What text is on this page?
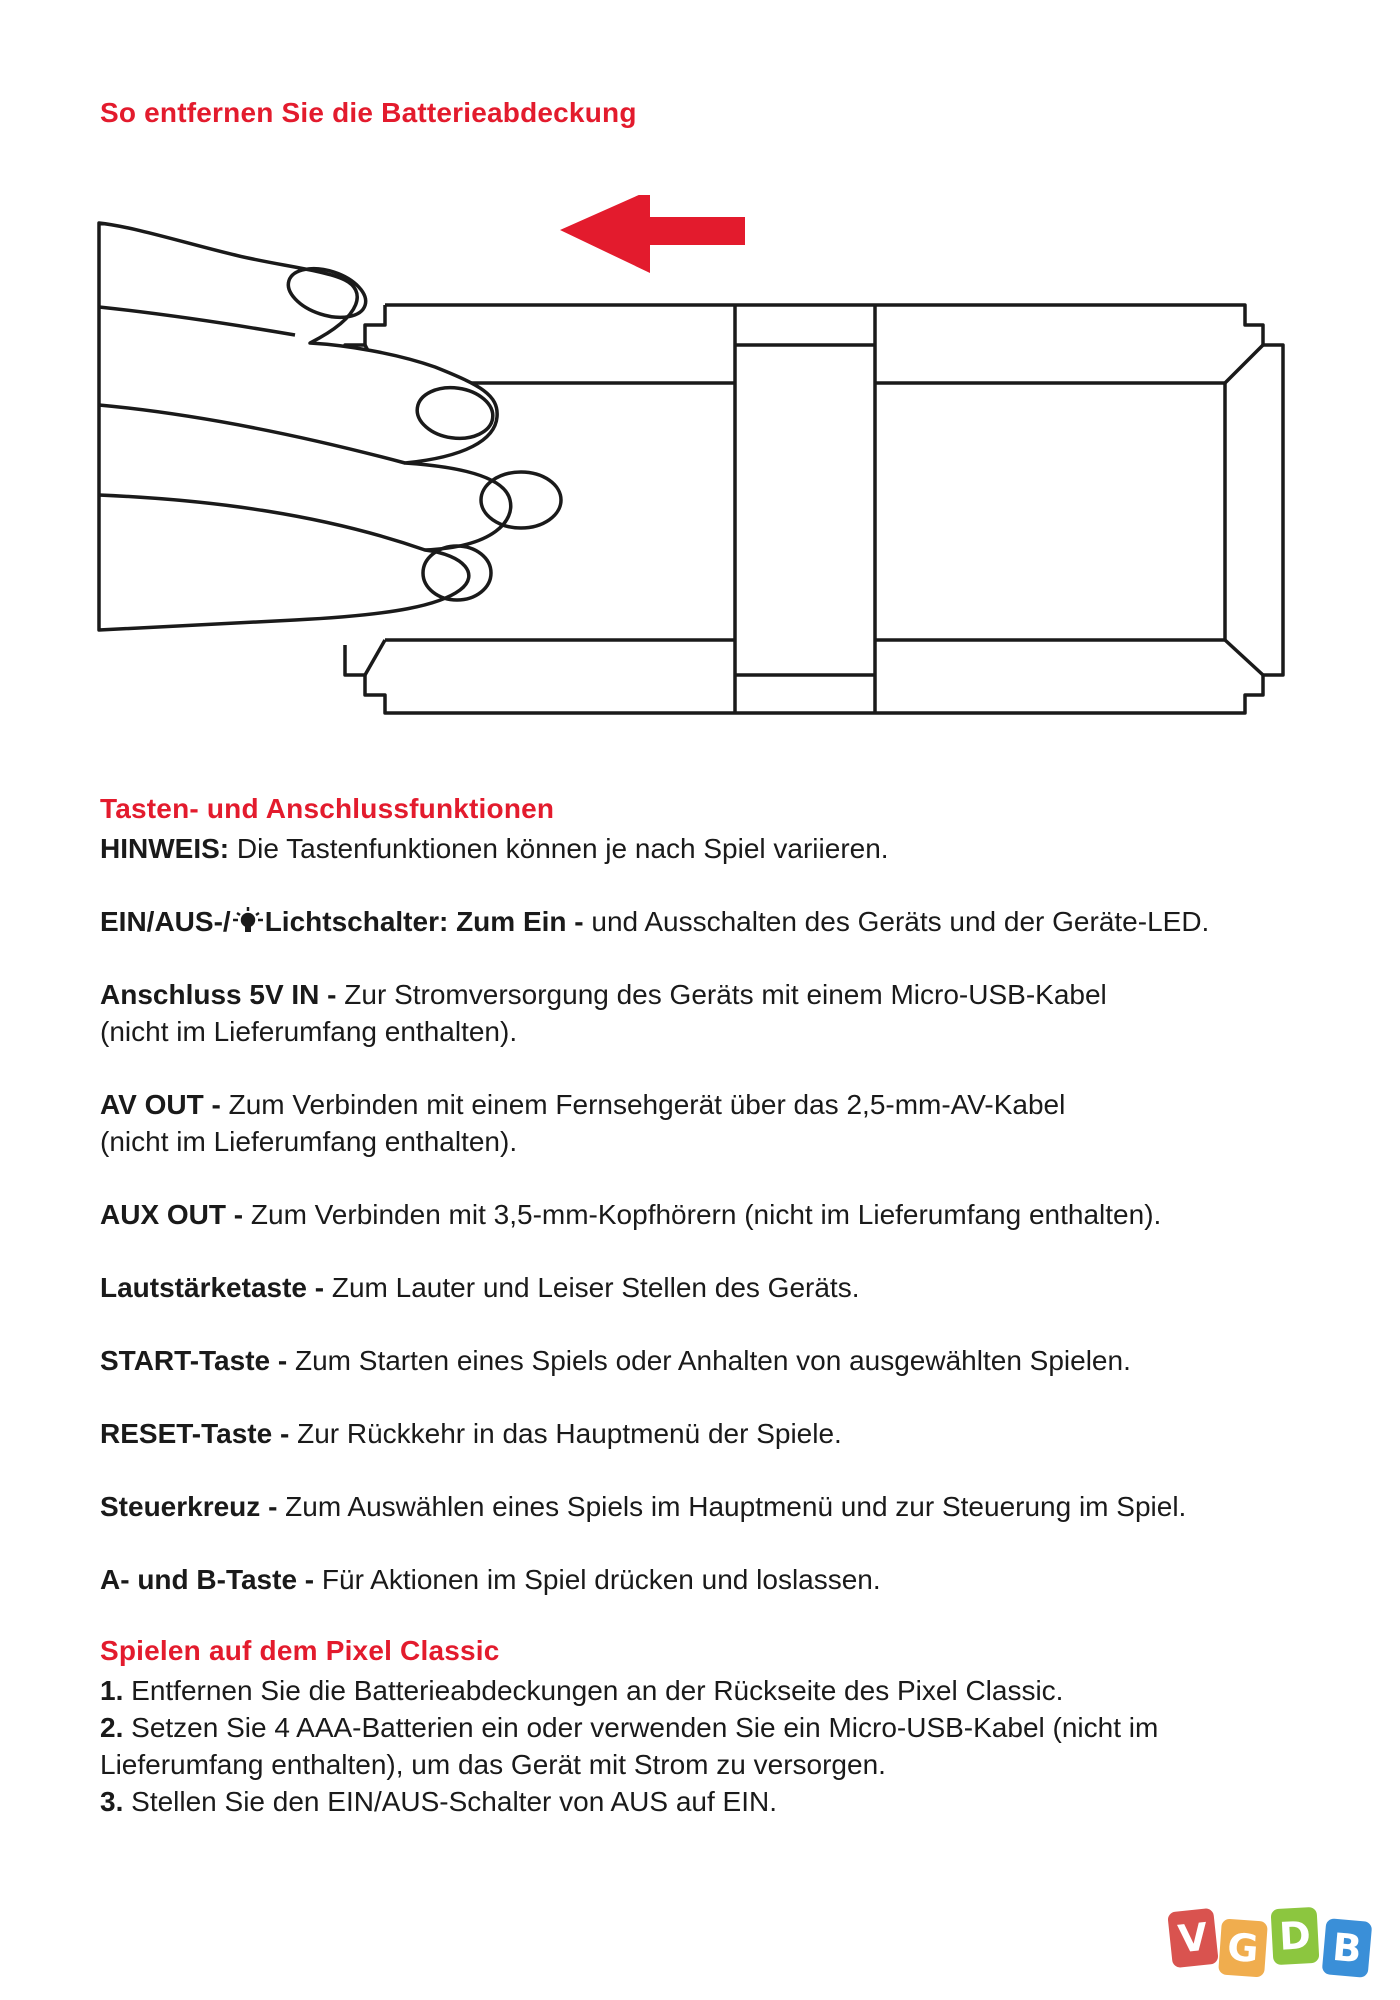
So entfernen Sie die Batterieabdeckung
Tasten- und Anschlussfunktionen

HINWEIS: Die Tastenfunktionen können je nach Spiel variieren.

EIN/AUS-/ Lichtschalter: Zum Ein - und Ausschalten des Geräts und der Geräte-LED.

Anschluss 5V IN - Zur Stromversorgung des Geräts mit einem Micro-USB-Kabel
(nicht im Lieferumfang enthalten).

AV OUT - Zum Verbinden mit einem Fernsehgerät über das 2,5-mm-AV-Kabel
(nicht im Lieferumfang enthalten).

AUX OUT - Zum Verbinden mit 3,5-mm-Kopfhörern (nicht im Lieferumfang enthalten).

Lautstärketaste - Zum Lauter und Leiser Stellen des Geräts.

START-Taste - Zum Starten eines Spiels oder Anhalten von ausgewählten Spielen.

RESET-Taste - Zur Rückkehr in das Hauptmenü der Spiele.

Steuerkreuz - Zum Auswählen eines Spiels im Hauptmenü und zur Steuerung im Spiel.

A- und B-Taste - Für Aktionen im Spiel drücken und loslassen.

Spielen auf dem Pixel Classic

1. Entfernen Sie die Batterieabdeckungen an der Rückseite des Pixel Classic.

2. Setzen Sie 4 AAA-Batterien ein oder verwenden Sie ein Micro-USB-Kabel (nicht im Lieferumfang enthalten), um das Gerät mit Strom zu versorgen.

3. Stellen Sie den EIN/AUS-Schalter von AUS auf EIN.

V G D B
